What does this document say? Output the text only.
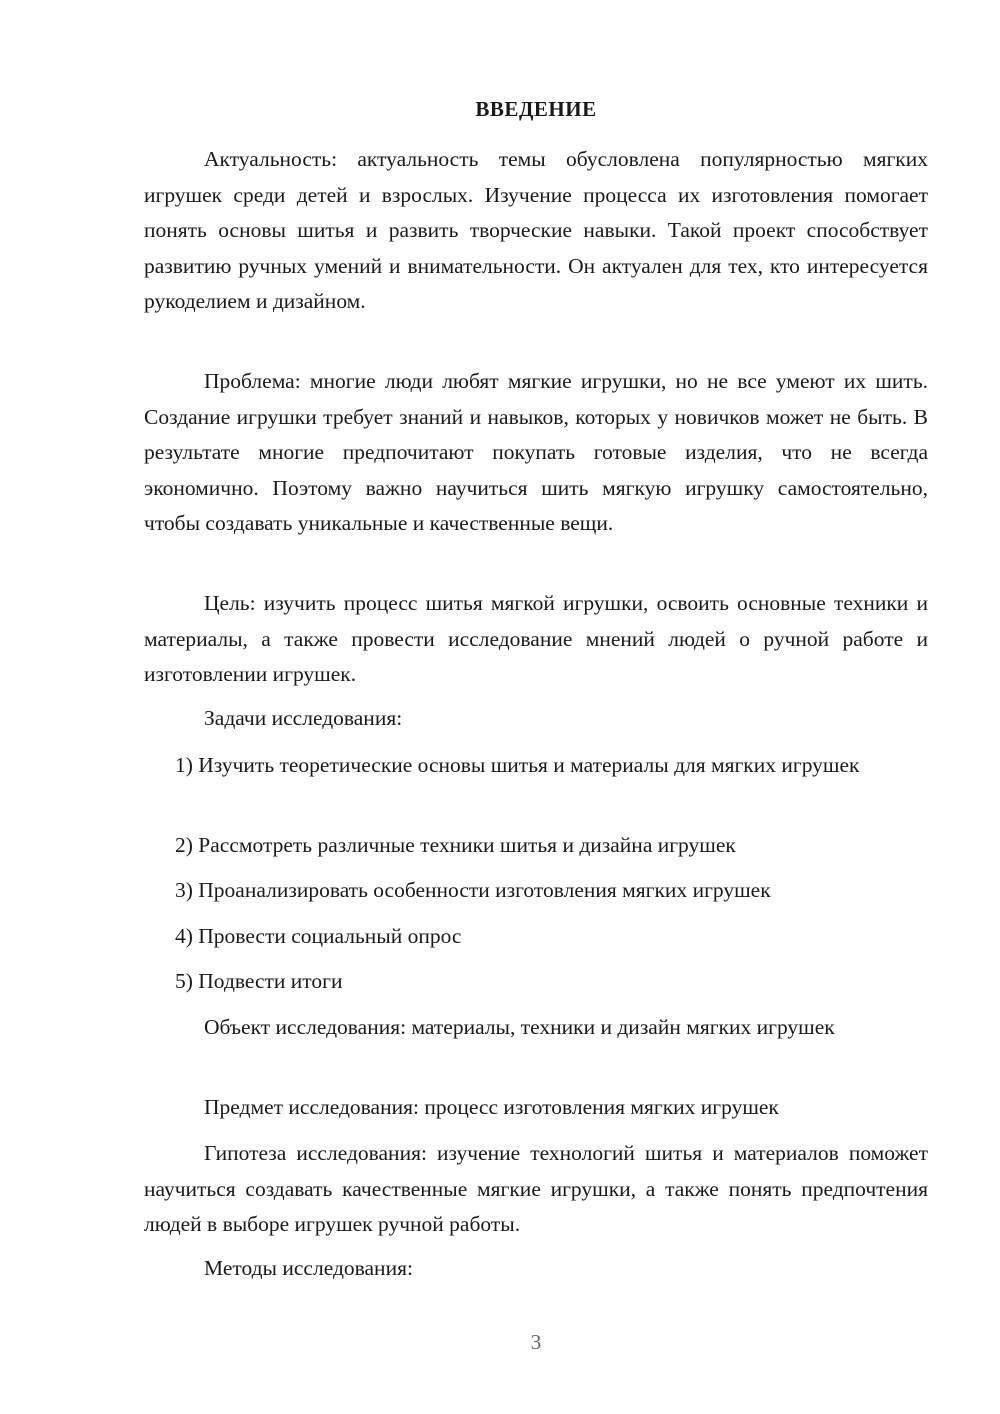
ВВЕДЕНИЕ

Актуальность: актуальность темы обусловлена популярностью мягких игрушек среди детей и взрослых. Изучение процесса их изготовления помогает понять основы шитья и развить творческие навыки. Такой проект способствует развитию ручных умений и внимательности. Он актуален для тех, кто интересуется рукоделием и дизайном.

Проблема: многие люди любят мягкие игрушки, но не все умеют их шить. Создание игрушки требует знаний и навыков, которых у новичков может не быть. В результате многие предпочитают покупать готовые изделия, что не всегда экономично. Поэтому важно научиться шить мягкую игрушку самостоятельно, чтобы создавать уникальные и качественные вещи.

Цель: изучить процесс шитья мягкой игрушки, освоить основные техники и материалы, а также провести исследование мнений людей о ручной работе и изготовлении игрушек.

Задачи исследования:

1) Изучить теоретические основы шитья и материалы для мягких игрушек

2) Рассмотреть различные техники шитья и дизайна игрушек
3) Проанализировать особенности изготовления мягких игрушек
4) Провести социальный опрос
5) Подвести итоги

Объект исследования: материалы, техники и дизайн мягких игрушек

Предмет исследования: процесс изготовления мягких игрушек

Гипотеза исследования: изучение технологий шитья и материалов поможет научиться создавать качественные мягкие игрушки, а также понять предпочтения людей в выборе игрушек ручной работы.

Методы исследования:
3
